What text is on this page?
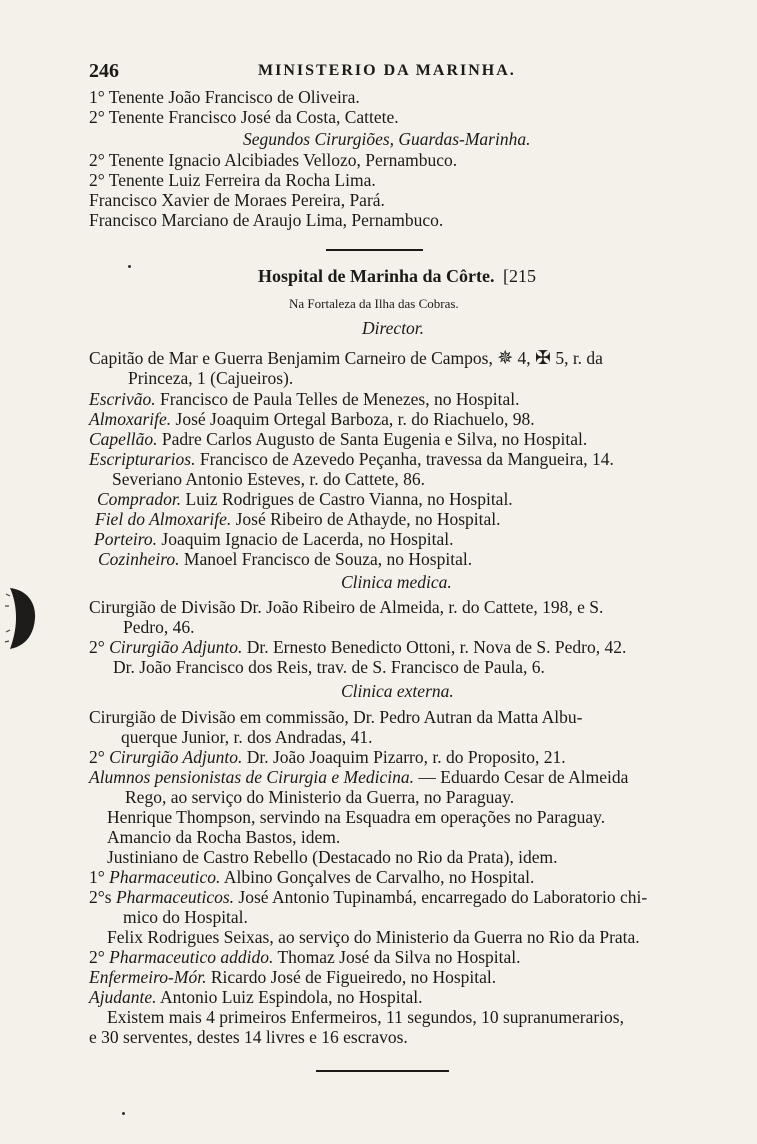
246	MINISTERIO DA MARINHA.
1° Tenente João Francisco de Oliveira.
2° Tenente Francisco José da Costa, Cattete.
Segundos Cirurgiões, Guardas-Marinha.
2° Tenente Ignacio Alcibiades Vellozo, Pernambuco.
2° Tenente Luiz Ferreira da Rocha Lima.
Francisco Xavier de Moraes Pereira, Pará.
Francisco Marciano de Araujo Lima, Pernambuco.
Hospital de Marinha da Côrte. [215
Na Fortaleza da Ilha das Cobras.
Director.
Capitão de Mar e Guerra Benjamim Carneiro de Campos, ✵ 4, ✠ 5, r. da
Princeza, 1 (Cajueiros).
Escrivão. Francisco de Paula Telles de Menezes, no Hospital.
Almoxarife. José Joaquim Ortegal Barboza, r. do Riachuelo, 98.
Capellão. Padre Carlos Augusto de Santa Eugenia e Silva, no Hospital.
Escripturarios. Francisco de Azevedo Peçanha, travessa da Mangueira, 14.
Severiano Antonio Esteves, r. do Cattete, 86.
Comprador. Luiz Rodrigues de Castro Vianna, no Hospital.
Fiel do Almoxarife. José Ribeiro de Athayde, no Hospital.
Porteiro. Joaquim Ignacio de Lacerda, no Hospital.
Cozinheiro. Manoel Francisco de Souza, no Hospital.
Clinica medica.
Cirurgião de Divisão Dr. João Ribeiro de Almeida, r. do Cattete, 198, e S.
Pedro, 46.
2° Cirurgião Adjunto. Dr. Ernesto Benedicto Ottoni, r. Nova de S. Pedro, 42.
Dr. João Francisco dos Reis, trav. de S. Francisco de Paula, 6.
Clinica externa.
Cirurgião de Divisão em commissão, Dr. Pedro Autran da Matta Albu-
querque Junior, r. dos Andradas, 41.
2° Cirurgião Adjunto. Dr. João Joaquim Pizarro, r. do Proposito, 21.
Alumnos pensionistas de Cirurgia e Medicina. — Eduardo Cesar de Almeida
Rego, ao serviço do Ministerio da Guerra, no Paraguay.
Henrique Thompson, servindo na Esquadra em operações no Paraguay.
Amancio da Rocha Bastos, idem.
Justiniano de Castro Rebello (Destacado no Rio da Prata), idem.
1° Pharmaceutico. Albino Gonçalves de Carvalho, no Hospital.
2°s Pharmaceuticos. José Antonio Tupinambá, encarregado do Laboratorio chi-
mico do Hospital.
Felix Rodrigues Seixas, ao serviço do Ministerio da Guerra no Rio da Prata.
2° Pharmaceutico addido. Thomaz José da Silva no Hospital.
Enfermeiro-Mór. Ricardo José de Figueiredo, no Hospital.
Ajudante. Antonio Luiz Espindola, no Hospital.
Existem mais 4 primeiros Enfermeiros, 11 segundos, 10 supranumerarios,
e 30 serventes, destes 14 livres e 16 escravos.
